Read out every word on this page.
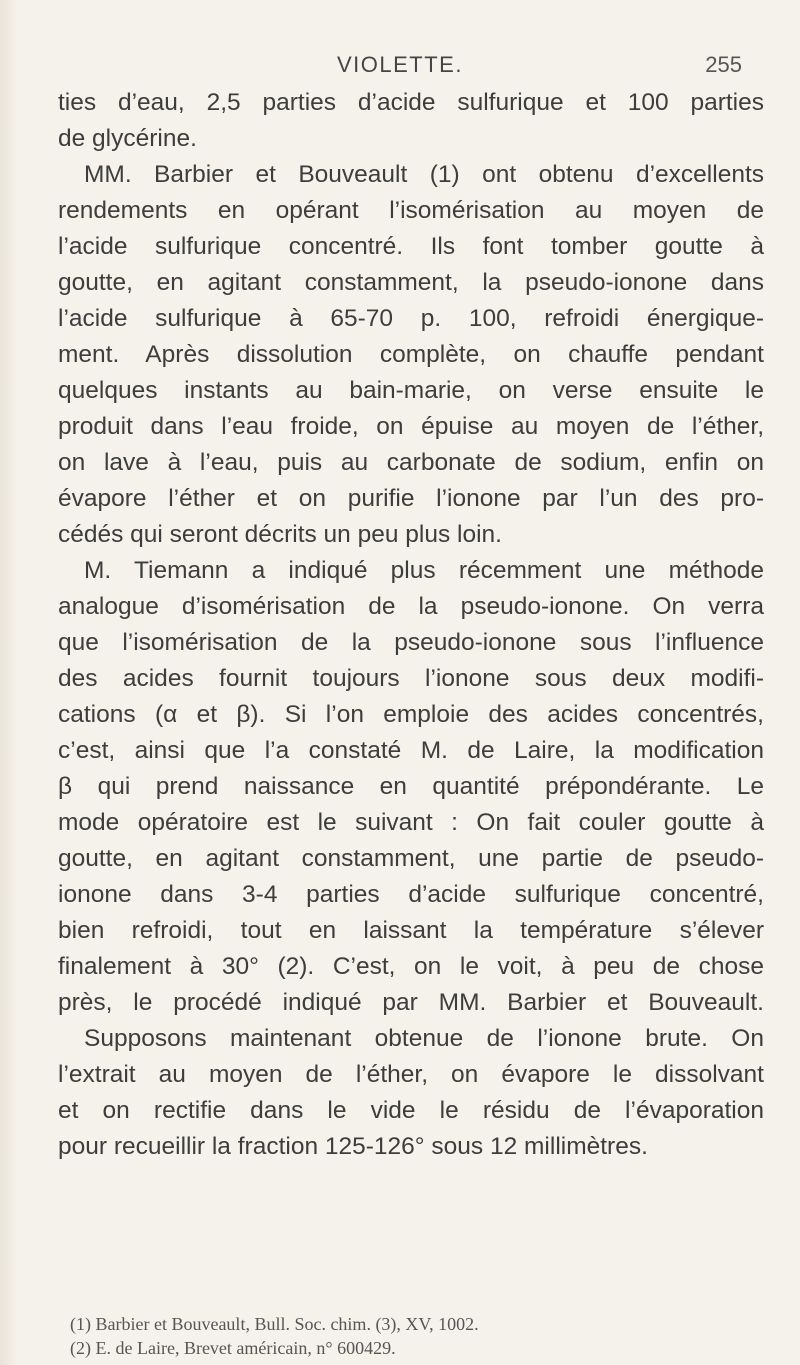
VIOLETTE.	255
ties d’eau, 2,5 parties d’acide sulfurique et 100 parties
de glycérine.
MM. Barbier et Bouveault (1) ont obtenu d’excellents
rendements en opérant l’isomérisation au moyen de
l’acide sulfurique concentré. Ils font tomber goutte à
goutte, en agitant constamment, la pseudo-ionone dans
l’acide sulfurique à 65-70 p. 100, refroidi énergique-
ment. Après dissolution complète, on chauffe pendant
quelques instants au bain-marie, on verse ensuite le
produit dans l’eau froide, on épuise au moyen de l’éther,
on lave à l’eau, puis au carbonate de sodium, enfin on
évapore l’éther et on purifie l’ionone par l’un des pro-
cédés qui seront décrits un peu plus loin.
M. Tiemann a indiqué plus récemment une méthode
analogue d’isomérisation de la pseudo-ionone. On verra
que l’isomérisation de la pseudo-ionone sous l’influence
des acides fournit toujours l’ionone sous deux modifi-
cations (α et β). Si l’on emploie des acides concentrés,
c’est, ainsi que l’a constaté M. de Laire, la modification
β qui prend naissance en quantité prépondérante. Le
mode opératoire est le suivant : On fait couler goutte à
goutte, en agitant constamment, une partie de pseudo-
ionone dans 3-4 parties d’acide sulfurique concentré,
bien refroidi, tout en laissant la température s’élever
finalement à 30° (2). C’est, on le voit, à peu de chose
près, le procédé indiqué par MM. Barbier et Bouveault.
Supposons maintenant obtenue de l’ionone brute. On
l’extrait au moyen de l’éther, on évapore le dissolvant
et on rectifie dans le vide le résidu de l’évaporation
pour recueillir la fraction 125-126° sous 12 millimètres.
(1) Barbier et Bouveault, Bull. Soc. chim. (3), XV, 1002.
(2) E. de Laire, Brevet américain, n° 600429.
